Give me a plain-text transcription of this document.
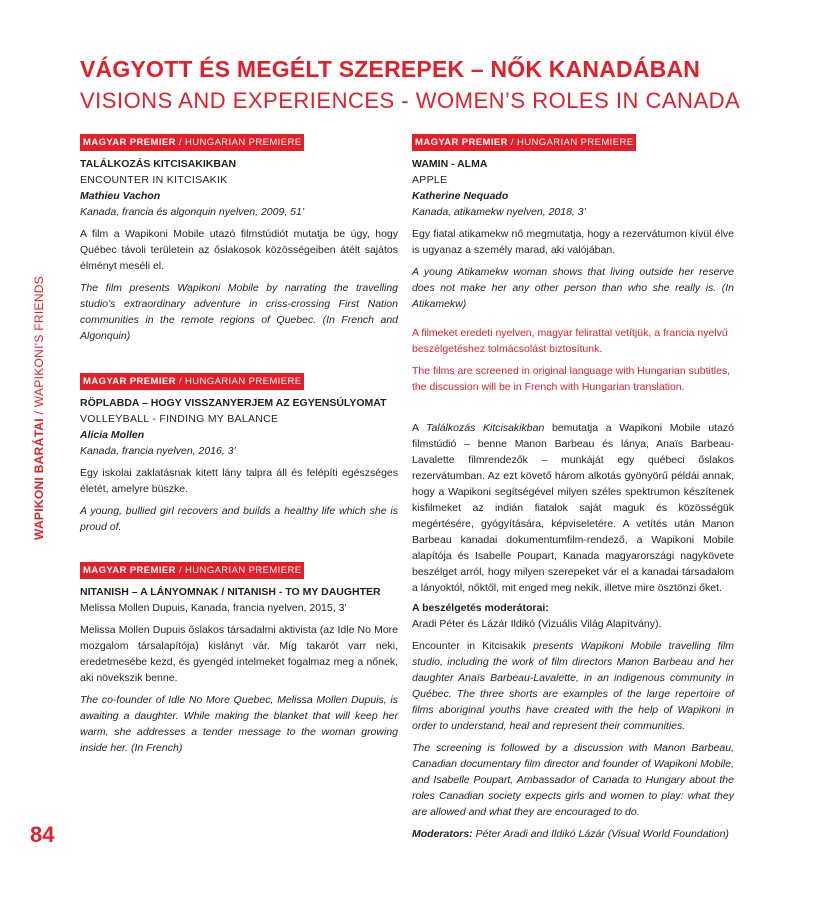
WAPIKONI BARÁTAI / WAPIKONI'S FRIENDS
84
VÁGYOTT ÉS MEGÉLT SZEREPEK – NŐK KANADÁBAN
VISIONS AND EXPERIENCES - WOMEN’S ROLES IN CANADA

MAGYAR PREMIER / HUNGARIAN PREMIERE

TALÁLKOZÁS KITCISAKIKBAN

ENCOUNTER IN KITCISAKIK

Mathieu Vachon

Kanada, francia és algonquin nyelven, 2009, 51’

A film a Wapikoni Mobile utazó filmstúdiót mutatja be úgy, hogy Québec távoli területein az őslakosok közösségeiben átélt sajátos élményt meséli el.

The film presents Wapikoni Mobile by narrating the travelling studio’s extraordinary adventure in criss-crossing First Nation communities in the remote regions of Quebec. (In French and Algonquin)

MAGYAR PREMIER / HUNGARIAN PREMIERE

RÖPLABDA – HOGY VISSZANYERJEM AZ EGYENSÚLYOMAT

VOLLEYBALL - FINDING MY BALANCE

Alicia Mollen

Kanada, francia nyelven, 2016, 3’

Egy iskolai zaklatásnak kitett lány talpra áll és felépíti egészséges életét, amelyre büszke.

A young, bullied girl recovers and builds a healthy life which she is proud of.

MAGYAR PREMIER / HUNGARIAN PREMIERE

NITANISH – A LÁNYOMNAK / NITANISH - TO MY DAUGHTER

Melissa Mollen Dupuis, Kanada, francia nyelven, 2015, 3’

Melissa Mollen Dupuis őslakos társadalmi aktivista (az Idle No More mozgalom társalapítója) kislányt vár. Míg takarót varr neki, eredetmesébe kezd, és gyengéd intelmeket fogalmaz meg a nőnek, aki növekszik benne.

The co-founder of Idle No More Quebec, Melissa Mollen Dupuis, is awaiting a daughter. While making the blanket that will keep her warm, she addresses a tender message to the woman growing inside her. (In French)

MAGYAR PREMIER / HUNGARIAN PREMIERE

WAMIN - ALMA

APPLE

Katherine Nequado

Kanada, atikamekw nyelven, 2018, 3’

Egy fiatal atikamekw nő megmutatja, hogy a rezervátumon kívül élve is ugyanaz a személy marad, aki valójában.

A young Atikamekw woman shows that living outside her reserve does not make her any other person than who she really is. (In Atikamekw)

A filmeket eredeti nyelven, magyar felirattal vetítjük, a francia nyelvű beszélgetéshez tolmácsolást biztosítunk.

The films are screened in original language with Hungarian subtitles, the discussion will be in French with Hungarian translation.

A Találkozás Kitcisakikban bemutatja a Wapikoni Mobile utazó filmstúdió – benne Manon Barbeau és lánya, Anaïs Barbeau-Lavalette filmrendezők – munkáját egy québeci őslakos rezervátumban. Az ezt követő három alkotás gyönyörű példái annak, hogy a Wapikoni segítségével milyen széles spektrumon készítenek kisfilmeket az indián fiatalok saját maguk és közösségük megértésére, gyógyítására, képviseletére. A vetítés után Manon Barbeau kanadai dokumentumfilm-rendező, a Wapikoni Mobile alapítója és Isabelle Poupart, Kanada magyarországi nagykövete beszélget arról, hogy milyen szerepeket vár el a kanadai társadalom a lányoktól, nőktől, mit enged meg nekik, illetve mire ösztönzi őket.

A beszélgetés moderátorai:

Aradi Péter és Lázár Ildikó (Vizuális Világ Alapítvány).

Encounter in Kitcisakik presents Wapikoni Mobile travelling film studio, including the work of film directors Manon Barbeau and her daughter Anaïs Barbeau-Lavalette, in an indigenous community in Québec. The three shorts are examples of the large repertoire of films aboriginal youths have created with the help of Wapikoni in order to understand, heal and represent their communities.

The screening is followed by a discussion with Manon Barbeau, Canadian documentary film director and founder of Wapikoni Mobile, and Isabelle Poupart, Ambassador of Canada to Hungary about the roles Canadian society expects girls and women to play: what they are allowed and what they are encouraged to do.

Moderators: Péter Aradi and Ildikó Lázár (Visual World Foundation)
